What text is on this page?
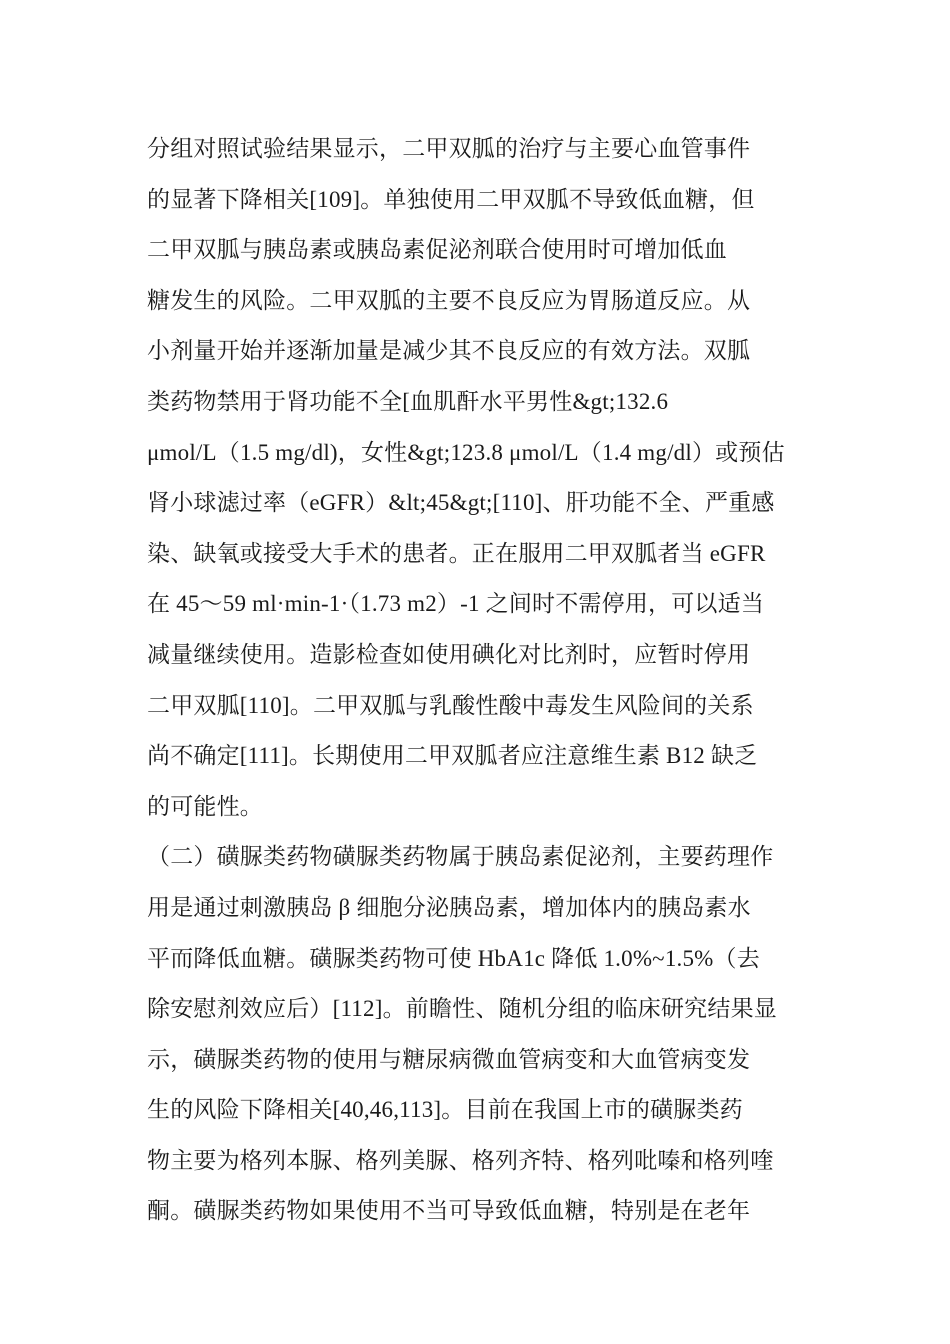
分组对照试验结果显示，二甲双胍的治疗与主要心血管事件
的显著下降相关[109]。单独使用二甲双胍不导致低血糖，但
二甲双胍与胰岛素或胰岛素促泌剂联合使用时可增加低血
糖发生的风险。二甲双胍的主要不良反应为胃肠道反应。从
小剂量开始并逐渐加量是减少其不良反应的有效方法。双胍
类药物禁用于肾功能不全[血肌酐水平男性&gt;132.6
μmol/L（1.5 mg/dl)，女性&gt;123.8 μmol/L（1.4 mg/dl）或预估
肾小球滤过率（eGFR）&lt;45&gt;[110]、肝功能不全、严重感
染、缺氧或接受大手术的患者。正在服用二甲双胍者当 eGFR
在 45～59 ml·min-1·（1.73 m2）-1 之间时不需停用，可以适当
减量继续使用。造影检查如使用碘化对比剂时，应暂时停用
二甲双胍[110]。二甲双胍与乳酸性酸中毒发生风险间的关系
尚不确定[111]。长期使用二甲双胍者应注意维生素 B12 缺乏
的可能性。
（二）磺脲类药物磺脲类药物属于胰岛素促泌剂，主要药理作
用是通过刺激胰岛 β 细胞分泌胰岛素，增加体内的胰岛素水
平而降低血糖。磺脲类药物可使 HbA1c 降低 1.0%~1.5%（去
除安慰剂效应后）[112]。前瞻性、随机分组的临床研究结果显
示，磺脲类药物的使用与糖尿病微血管病变和大血管病变发
生的风险下降相关[40,46,113]。目前在我国上市的磺脲类药
物主要为格列本脲、格列美脲、格列齐特、格列吡嗪和格列喹
酮。磺脲类药物如果使用不当可导致低血糖，特别是在老年
